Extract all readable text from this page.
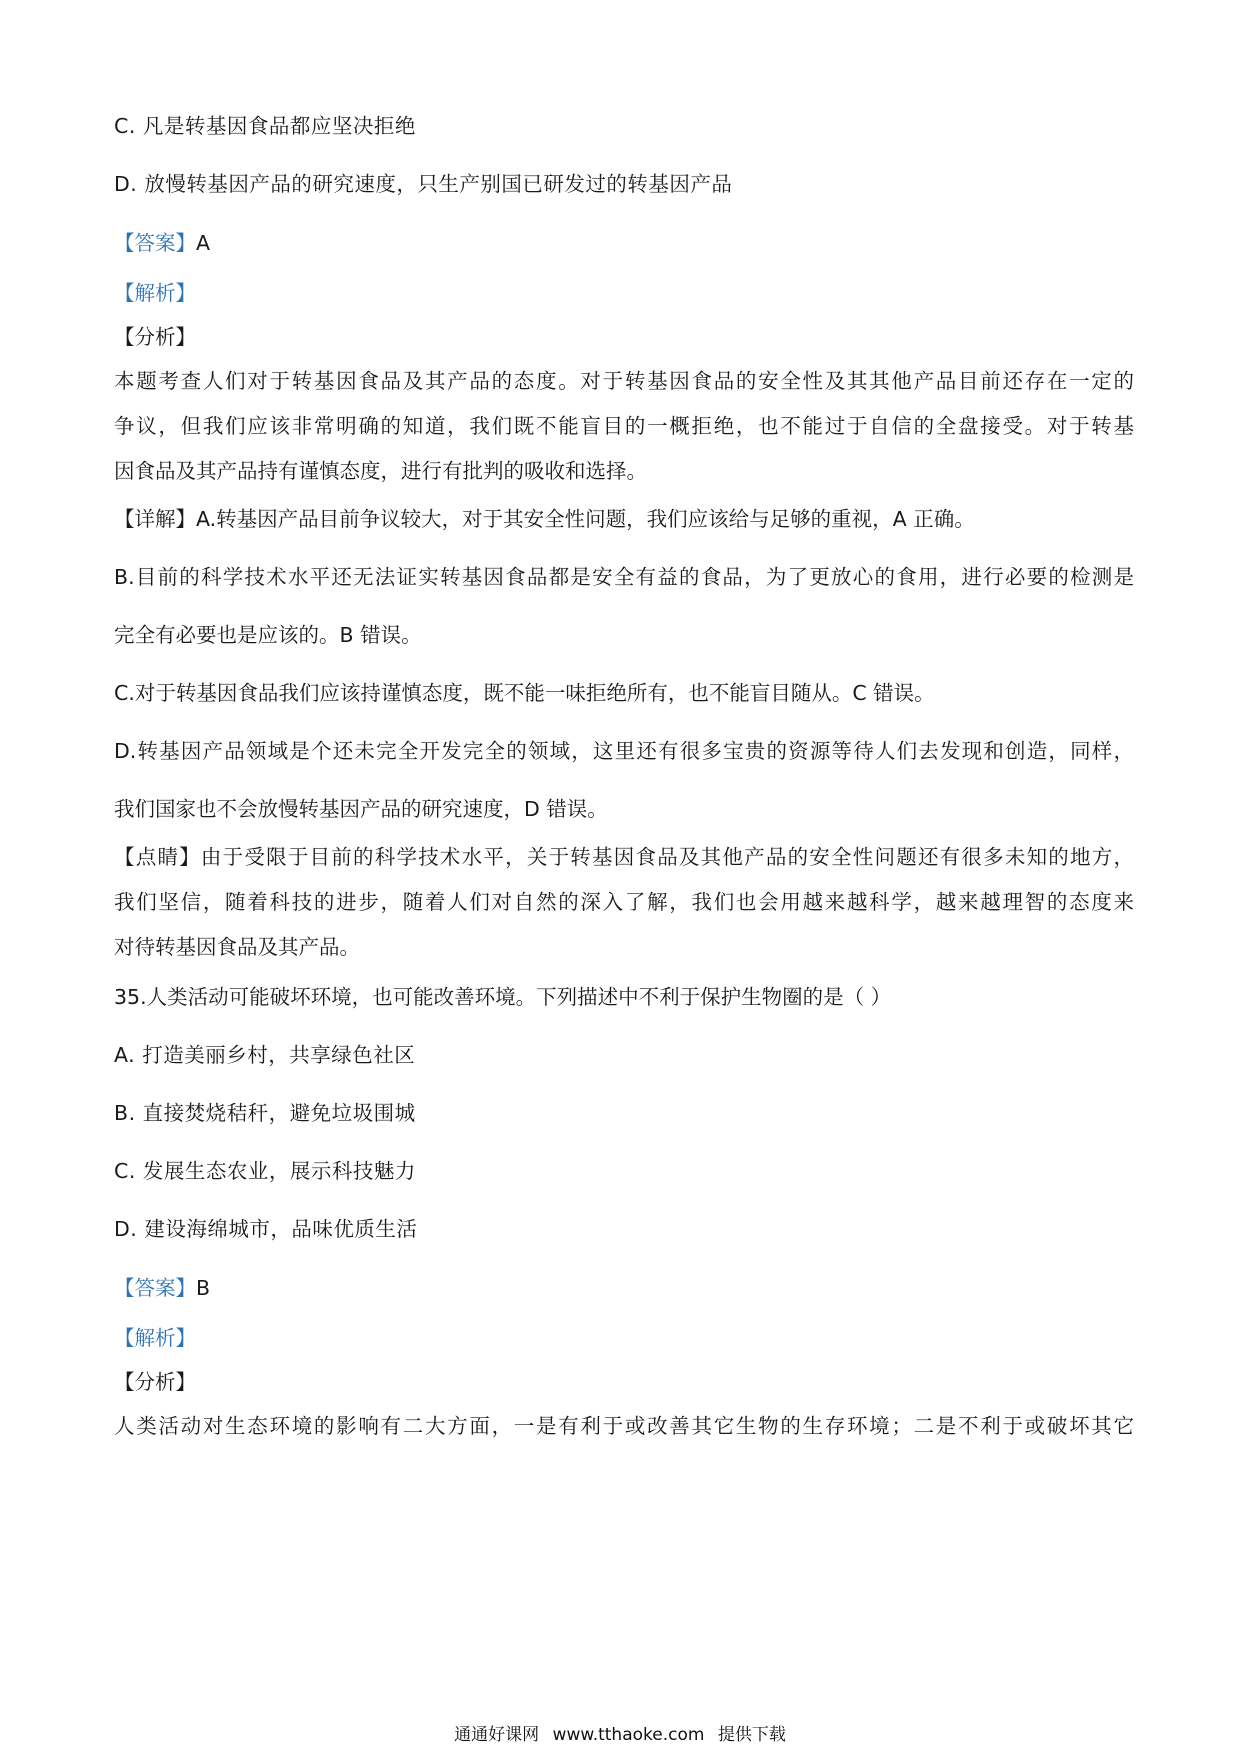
C. 凡是转基因食品都应坚决拒绝
D. 放慢转基因产品的研究速度，只生产别国已研发过的转基因产品
【答案】A
【解析】
【分析】
本题考查人们对于转基因食品及其产品的态度。对于转基因食品的安全性及其其他产品目前还存在一定的
争议，但我们应该非常明确的知道，我们既不能盲目的一概拒绝，也不能过于自信的全盘接受。对于转基
因食品及其产品持有谨慎态度，进行有批判的吸收和选择。
【详解】A.转基因产品目前争议较大，对于其安全性问题，我们应该给与足够的重视，A 正确。
B.目前的科学技术水平还无法证实转基因食品都是安全有益的食品，为了更放心的食用，进行必要的检测是
完全有必要也是应该的。B 错误。
C.对于转基因食品我们应该持谨慎态度，既不能一味拒绝所有，也不能盲目随从。C 错误。
D.转基因产品领域是个还未完全开发完全的领域，这里还有很多宝贵的资源等待人们去发现和创造，同样，
我们国家也不会放慢转基因产品的研究速度，D 错误。
【点睛】由于受限于目前的科学技术水平，关于转基因食品及其他产品的安全性问题还有很多未知的地方，
我们坚信，随着科技的进步，随着人们对自然的深入了解，我们也会用越来越科学，越来越理智的态度来
对待转基因食品及其产品。
35.人类活动可能破坏环境，也可能改善环境。下列描述中不利于保护生物圈的是（ ）
A. 打造美丽乡村，共享绿色社区
B. 直接焚烧秸秆，避免垃圾围城
C. 发展生态农业，展示科技魅力
D. 建设海绵城市，品味优质生活
【答案】B
【解析】
【分析】
人类活动对生态环境的影响有二大方面，一是有利于或改善其它生物的生存环境；二是不利于或破坏其它
通通好课网 www.tthaoke.com 提供下载
